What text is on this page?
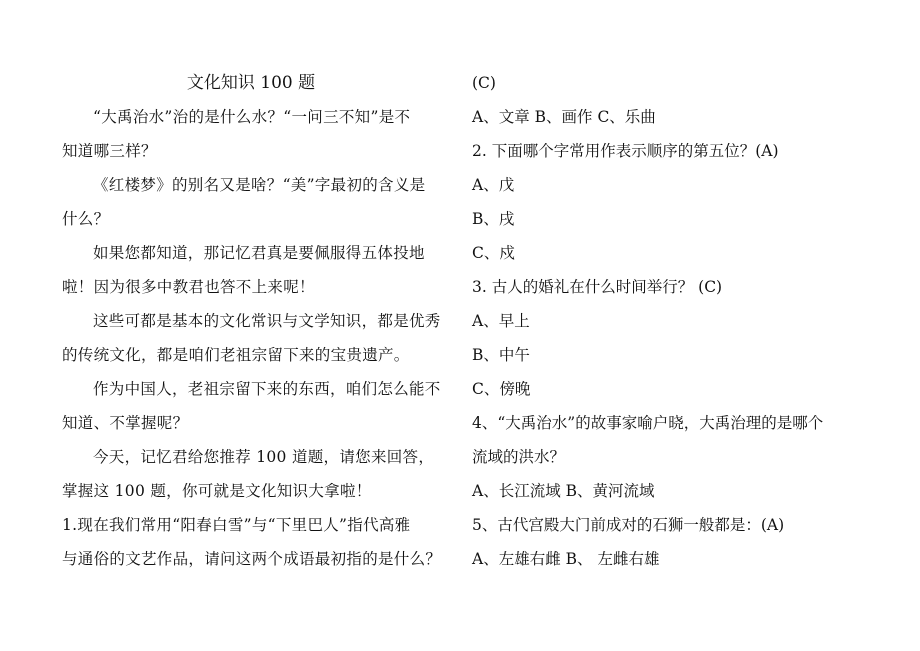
文化知识 100 题
“大禹治水”治的是什么水？“一问三不知”是不
知道哪三样？
《红楼梦》的别名又是啥？“美”字最初的含义是
什么？
如果您都知道，那记忆君真是要佩服得五体投地
啦！因为很多中教君也答不上来呢！
这些可都是基本的文化常识与文学知识，都是优秀
的传统文化，都是咱们老祖宗留下来的宝贵遗产。
作为中国人，老祖宗留下来的东西，咱们怎么能不
知道、不掌握呢？
今天，记忆君给您推荐 100 道题，请您来回答，
掌握这 100 题，你可就是文化知识大拿啦！
1.现在我们常用“阳春白雪”与“下里巴人”指代高雅
与通俗的文艺作品，请问这两个成语最初指的是什么？
(C)
A、文章 B、画作 C、乐曲
2. 下面哪个字常用作表示顺序的第五位？(A)
A、戊
B、戌
C、戍
3. 古人的婚礼在什么时间举行？ (C)
A、早上
B、中午
C、傍晚
4、“大禹治水”的故事家喻户晓，大禹治理的是哪个
流域的洪水？
A、长江流域 B、黄河流域
5、古代宫殿大门前成对的石狮一般都是：(A)
A、左雄右雌 B、 左雌右雄
